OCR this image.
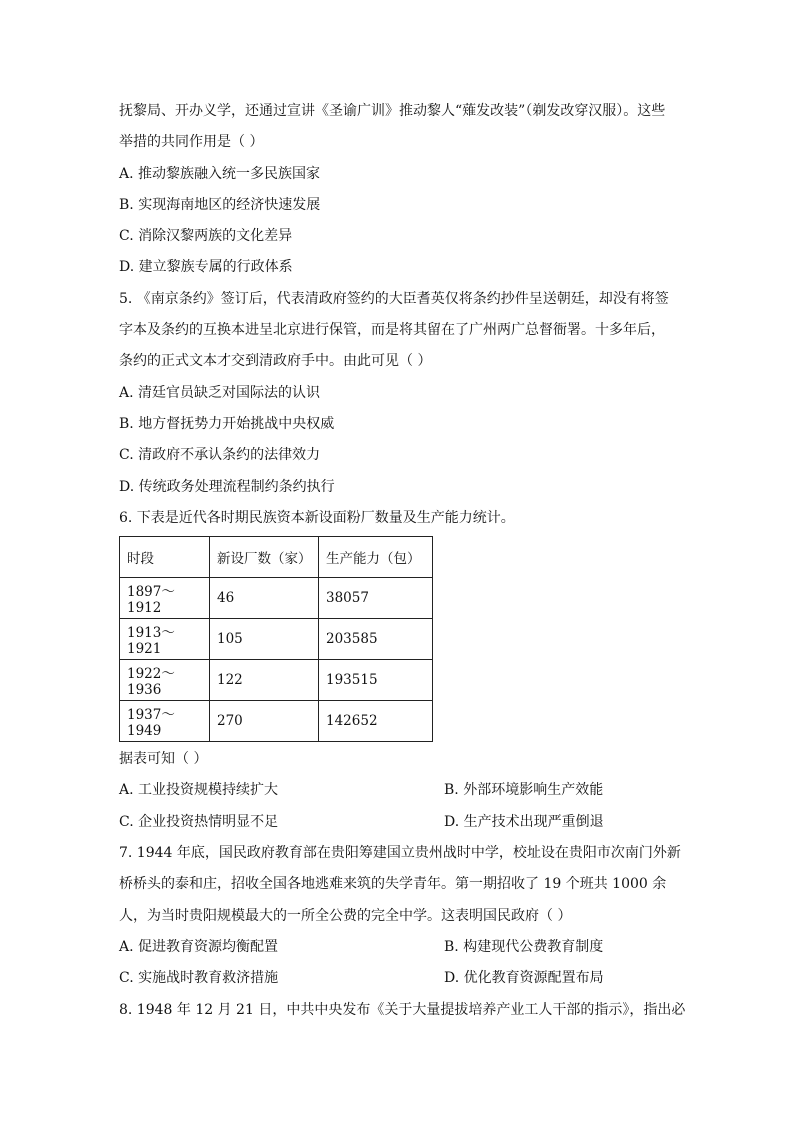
抚黎局、开办义学，还通过宣讲《圣谕广训》推动黎人“薙发改装”（剃发改穿汉服）。这些
举措的共同作用是（ ）
A. 推动黎族融入统一多民族国家
B. 实现海南地区的经济快速发展
C. 消除汉黎两族的文化差异
D. 建立黎族专属的行政体系
5. 《南京条约》签订后，代表清政府签约的大臣耆英仅将条约抄件呈送朝廷，却没有将签
字本及条约的互换本进呈北京进行保管，而是将其留在了广州两广总督衙署。十多年后，
条约的正式文本才交到清政府手中。由此可见（ ）
A. 清廷官员缺乏对国际法的认识
B. 地方督抚势力开始挑战中央权威
C. 清政府不承认条约的法律效力
D. 传统政务处理流程制约条约执行
6. 下表是近代各时期民族资本新设面粉厂数量及生产能力统计。
时段	新设厂数（家）	生产能力（包）
1897～1912	46	38057
1913～1921	105	203585
1922～1936	122	193515
1937～1949	270	142652
据表可知（ ）
A. 工业投资规模持续扩大	B. 外部环境影响生产效能
C. 企业投资热情明显不足	D. 生产技术出现严重倒退
7. 1944 年底，国民政府教育部在贵阳筹建国立贵州战时中学，校址设在贵阳市次南门外新
桥桥头的泰和庄，招收全国各地逃难来筑的失学青年。第一期招收了 19 个班共 1000 余
人，为当时贵阳规模最大的一所全公费的完全中学。这表明国民政府（ ）
A. 促进教育资源均衡配置	B. 构建现代公费教育制度
C. 实施战时教育救济措施	D. 优化教育资源配置布局
8. 1948 年 12 月 21 日，中共中央发布《关于大量提拔培养产业工人干部的指示》，指出必
